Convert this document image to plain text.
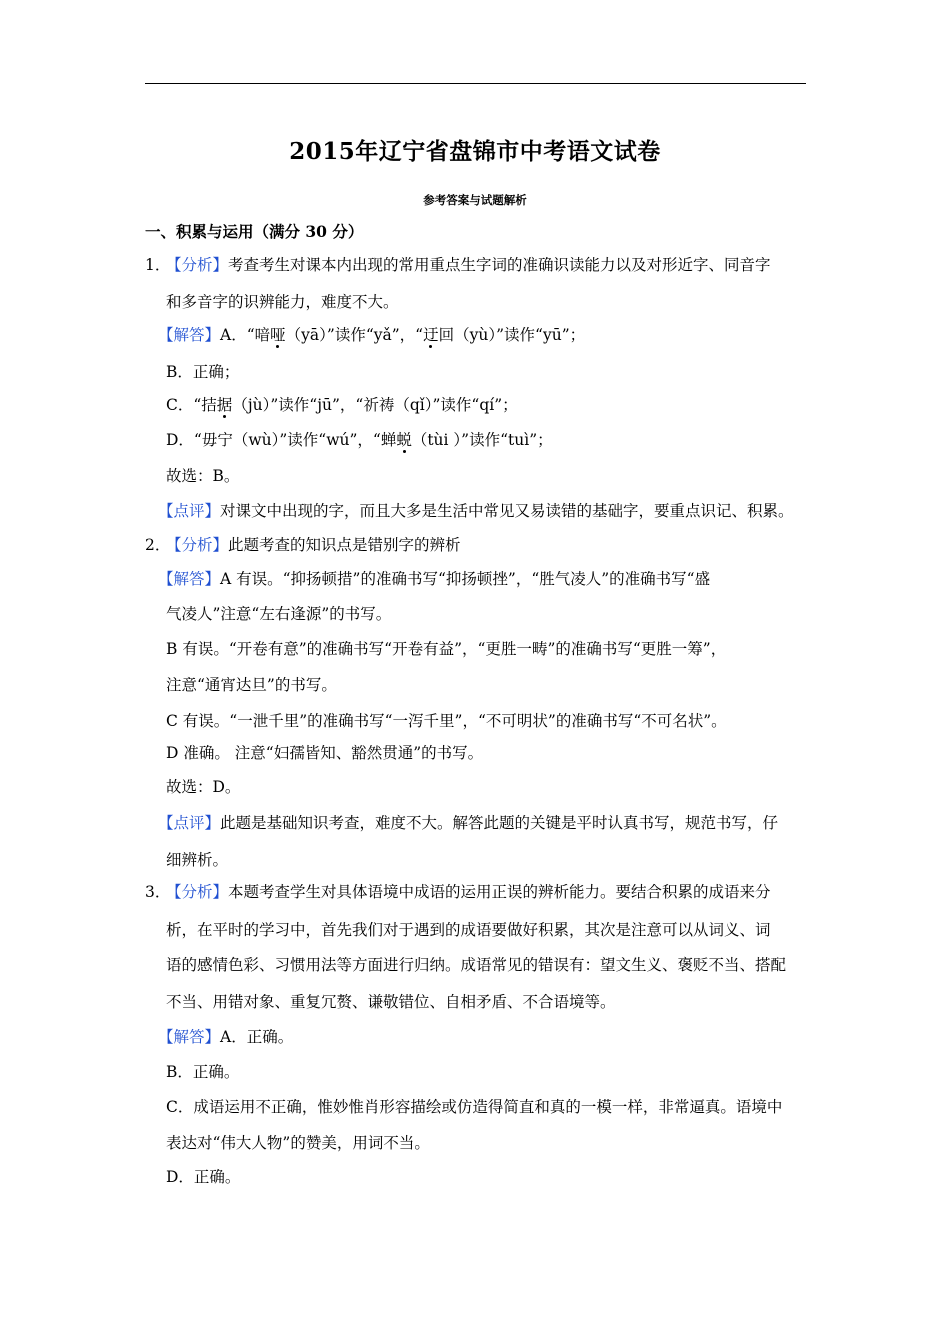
2015年辽宁省盘锦市中考语文试卷
参考答案与试题解析
一、积累与运用（满分 30 分）
1．【分析】考查考生对课本内出现的常用重点生字词的准确识读能力以及对形近字、同音字
和多音字的识辨能力，难度不大。
【解答】A．“喑哑（yā）”读作“yǎ”，“迂回（yù）”读作“yū”；
B．正确；
C．“拮据（jù）”读作“jū”，“祈祷（qǐ）”读作“qí”；
D．“毋宁（wù）”读作“wú”，“蝉蜕（tùi ）”读作“tuì”；
故选：B。
【点评】对课文中出现的字，而且大多是生活中常见又易读错的基础字，要重点识记、积累。
2．【分析】此题考查的知识点是错别字的辨析
【解答】A 有误。“抑扬顿措”的准确书写“抑扬顿挫”，“胜气凌人”的准确书写“盛
气凌人”注意“左右逢源”的书写。
B 有误。“开卷有意”的准确书写“开卷有益”，“更胜一畴”的准确书写“更胜一筹”，
注意“通宵达旦”的书写。
C 有误。“一泄千里”的准确书写“一泻千里”，“不可明状”的准确书写“不可名状”。
D 准确。 注意“妇孺皆知、豁然贯通”的书写。
故选：D。
【点评】此题是基础知识考查，难度不大。解答此题的关键是平时认真书写，规范书写，仔
细辨析。
3．【分析】本题考查学生对具体语境中成语的运用正误的辨析能力。要结合积累的成语来分
析，在平时的学习中，首先我们对于遇到的成语要做好积累，其次是注意可以从词义、词
语的感情色彩、习惯用法等方面进行归纳。成语常见的错误有：望文生义、褒贬不当、搭配
不当、用错对象、重复冗赘、谦敬错位、自相矛盾、不合语境等。
【解答】A．正确。
B．正确。
C．成语运用不正确，惟妙惟肖形容描绘或仿造得简直和真的一模一样，非常逼真。语境中
表达对“伟大人物”的赞美，用词不当。
D．正确。
